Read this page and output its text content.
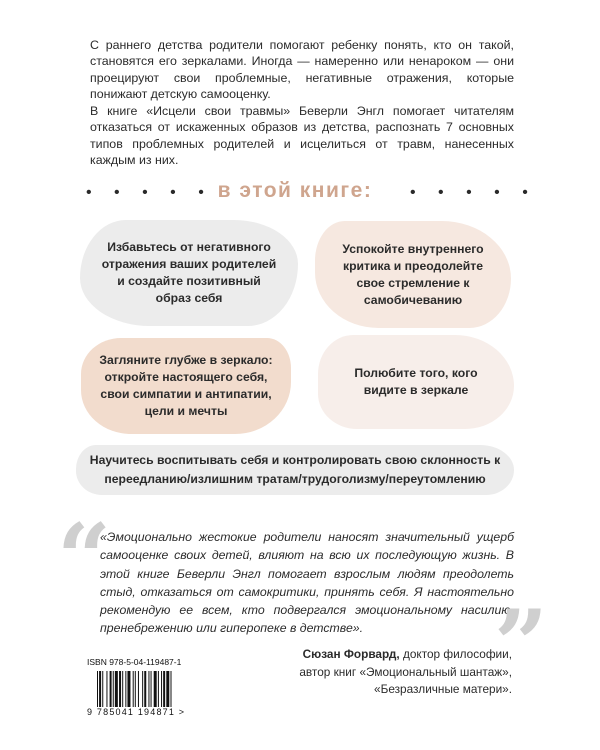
С раннего детства родители помогают ребенку понять, кто он такой, становятся его зеркалами. Иногда — намеренно или ненароком — они проецируют свои проблемные, негативные отражения, которые понижают детскую самооценку.

В книге «Исцели свои травмы» Беверли Энгл помогает читателям отказаться от искаженных образов из детства, распознать 7 основных типов проблемных родителей и исцелиться от травм, нанесенных каждым из них.

• • • • • в этой книге:	• • • • •
Избавьтесь от негативного отражения ваших родителей и создайте позитивный образ себя
Успокойте внутреннего критика и преодолейте свое стремление к самобичеванию
Загляните глубже в зеркало: откройте настоящего себя, свои симпатии и антипатии, цели и мечты
Полюбите того, кого видите в зеркале
Научитесь воспитывать себя и контролировать свою склонность к переедланию/излишним тратам/трудоголизму/переутомлению
“

«Эмоционально жестокие родители наносят значительный ущерб самооценке своих детей, влияют на всю их последующую жизнь. В этой книге Беверли Энгл помогает взрослым людям преодолеть стыд, отказаться от самокритики, принять себя. Я настоятельно рекомендую ее всем, кто подвергался эмоциональному насилию, пренебрежению или гиперопеке в детстве».	”
Сюзан Форвард, доктор философии,
автор книг «Эмоциональный шантаж»,
«Безразличные матери».
ISBN 978-5-04-119487-1
9 785041 194871 >
